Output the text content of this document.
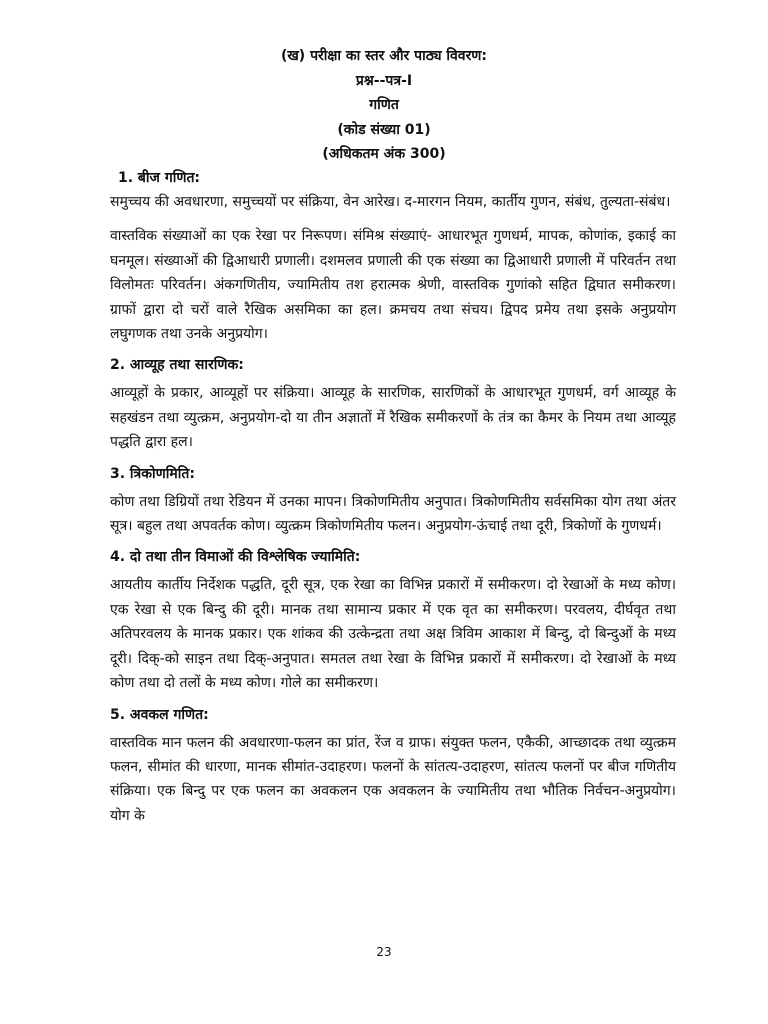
(ख) परीक्षा का स्तर और पाठ्य विवरण:
प्रश्न--पत्र-I
गणित
(कोड संख्या 01)
(अधिकतम अंक 300)
1. बीज गणित:
समुच्चय की अवधारणा, समुच्चयों पर संक्रिया, वेन आरेख। द-मारगन नियम, कार्तीय गुणन, संबंध, तुल्यता-संबंध।
वास्तविक संख्याओं का एक रेखा पर निरूपण। संमिश्र संख्याएं- आधारभूत गुणधर्म, मापक, कोणांक, इकाई का घनमूल। संख्याओं की द्विआधारी प्रणाली। दशमलव प्रणाली की एक संख्या का द्विआधारी प्रणाली में परिवर्तन तथा विलोमतः परिवर्तन। अंकगणितीय, ज्यामितीय तश हरात्मक श्रेणी, वास्तविक गुणांको सहित द्विघात समीकरण। ग्राफों द्वारा दो चरों वाले रैखिक असमिका का हल। क्रमचय तथा संचय। द्विपद प्रमेय तथा इसके अनुप्रयोग लघुगणक तथा उनके अनुप्रयोग।
2. आव्यूह तथा सारणिक:
आव्यूहों के प्रकार, आव्यूहों पर संक्रिया। आव्यूह के सारणिक, सारणिकों के आधारभूत गुणधर्म, वर्ग आव्यूह के सहखंडन तथा व्युत्क्रम, अनुप्रयोग-दो या तीन अज्ञातों में रैखिक समीकरणों के तंत्र का कैमर के नियम तथा आव्यूह पद्धति द्वारा हल।
3. त्रिकोणमिति:
कोण तथा डिग्रियों तथा रेडियन में उनका मापन। त्रिकोणमितीय अनुपात। त्रिकोणमितीय सर्वसमिका योग तथा अंतर सूत्र। बहुल तथा अपवर्तक कोण। व्युत्क्रम त्रिकोणमितीय फलन। अनुप्रयोग-ऊंचाई तथा दूरी, त्रिकोणों के गुणधर्म।
4. दो तथा तीन विमाओं की विश्लेषिक ज्यामिति:
आयतीय कार्तीय निर्देशक पद्धति, दूरी सूत्र, एक रेखा का विभिन्न प्रकारों में समीकरण। दो रेखाओं के मध्य कोण। एक रेखा से एक बिन्दु की दूरी। मानक तथा सामान्य प्रकार में एक वृत का समीकरण। परवलय, दीर्घवृत तथा अतिपरवलय के मानक प्रकार। एक शांकव की उत्केन्द्रता तथा अक्ष त्रिविम आकाश में बिन्दु, दो बिन्दुओं के मध्य दूरी। दिक्-को साइन तथा दिक्-अनुपात। समतल तथा रेखा के विभिन्न प्रकारों में समीकरण। दो रेखाओं के मध्य कोण तथा दो तलों के मध्य कोण। गोले का समीकरण।
5. अवकल गणित:
वास्तविक मान फलन की अवधारणा-फलन का प्रांत, रेंज व ग्राफ। संयुक्त फलन, एकैकी, आच्छादक तथा व्युत्क्रम फलन, सीमांत की धारणा, मानक सीमांत-उदाहरण। फलनों के सांतत्य-उदाहरण, सांतत्य फलनों पर बीज गणितीय संक्रिया। एक बिन्दु पर एक फलन का अवकलन एक अवकलन के ज्यामितीय तथा भौतिक निर्वचन-अनुप्रयोग। योग के
23
